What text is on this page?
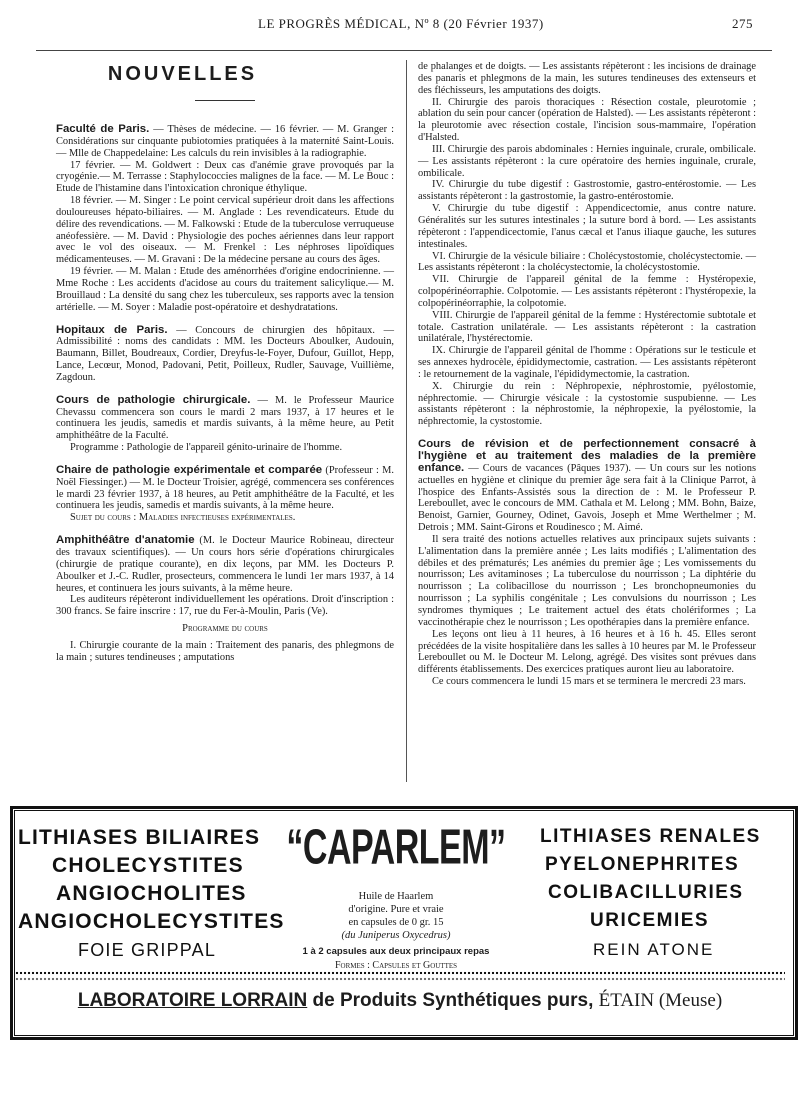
LE PROGRÈS MÉDICAL, Nº 8 (20 Février 1937)	275
NOUVELLES

Faculté de Paris. — Thèses de médecine. — 16 février. — M. Granger : Considérations sur cinquante pubiotomies pratiquées à la maternité Saint-Louis. — Mlle de Chappedelaine: Les calculs du rein invisibles à la radiographie.

17 février. — M. Goldwert : Deux cas d'anémie grave provoqués par la cryogénie.— M. Terrasse : Staphylococcies malignes de la face. — M. Le Bouc : Etude de l'histamine dans l'intoxication chronique éthylique.

18 février. — M. Singer : Le point cervical supérieur droit dans les affections douloureuses hépato-biliaires. — M. Anglade : Les revendicateurs. Etude du délire des revendications. — M. Falkowski : Etude de la tuberculose verruqueuse anéofessière. — M. David : Physiologie des poches aériennes dans leur rapport avec le vol des oiseaux. — M. Frenkel : Les néphroses lipoïdiques médicamenteuses. — M. Gravani : De la médecine persane au cours des âges.

19 février. — M. Malan : Etude des aménorrhées d'origine endocrinienne. — Mme Roche : Les accidents d'acidose au cours du traitement salicylique.— M. Brouillaud : La densité du sang chez les tuberculeux, ses rapports avec la tension artérielle. — M. Soyer : Maladie post-opératoire et deshydratations.

Hopitaux de Paris. — Concours de chirurgien des hôpitaux. — Admissibilité : noms des candidats : MM. les Docteurs Aboulker, Audouin, Baumann, Billet, Boudreaux, Cordier, Dreyfus-le-Foyer, Dufour, Guillot, Hepp, Lance, Lecœur, Monod, Padovani, Petit, Poilleux, Rudler, Sauvage, Vuillième, Zagdoun.

Cours de pathologie chirurgicale. — M. le Professeur Maurice Chevassu commencera son cours le mardi 2 mars 1937, à 17 heures et le continuera les jeudis, samedis et mardis suivants, à la même heure, au Petit amphithéâtre de la Faculté.

Programme : Pathologie de l'appareil génito-urinaire de l'homme.

Chaire de pathologie expérimentale et comparée (Professeur : M. Noël Fiessinger.) — M. le Docteur Troisier, agrégé, commencera ses conférences le mardi 23 février 1937, à 18 heures, au Petit amphithéâtre de la Faculté, et les continuera les jeudis, samedis et mardis suivants, à la même heure.

Sujet du cours : Maladies infectieuses expérimentales.

Amphithéâtre d'anatomie (M. le Docteur Maurice Robineau, directeur des travaux scientifiques). — Un cours hors série d'opérations chirurgicales (chirurgie de pratique courante), en dix leçons, par MM. les Docteurs P. Aboulker et J.-C. Rudler, prosecteurs, commencera le lundi 1er mars 1937, à 14 heures, et continuera les jours suivants, à la même heure.

Les auditeurs répèteront individuellement les opérations. Droit d'inscription : 300 francs. Se faire inscrire : 17, rue du Fer-à-Moulin, Paris (Ve).

Programme du cours

I. Chirurgie courante de la main : Traitement des panaris, des phlegmons de la main ; sutures tendineuses ; amputations

de phalanges et de doigts. — Les assistants répèteront : les incisions de drainage des panaris et phlegmons de la main, les sutures tendineuses des extenseurs et des fléchisseurs, les amputations des doigts.

II. Chirurgie des parois thoraciques : Résection costale, pleurotomie ; ablation du sein pour cancer (opération de Halsted). — Les assistants répèteront : la pleurotomie avec résection costale, l'incision sous-mammaire, l'opération d'Halsted.

III. Chirurgie des parois abdominales : Hernies inguinale, crurale, ombilicale. — Les assistants répèteront : la cure opératoire des hernies inguinale, crurale, ombilicale.

IV. Chirurgie du tube digestif : Gastrostomie, gastro-entérostomie. — Les assistants répèteront : la gastrostomie, la gastro-entérostomie.

V. Chirurgie du tube digestif : Appendicectomie, anus contre nature. Généralités sur les sutures intestinales ; la suture bord à bord. — Les assistants répèteront : l'appendicectomie, l'anus cæcal et l'anus iliaque gauche, les sutures intestinales.

VI. Chirurgie de la vésicule biliaire : Cholécystostomie, cholécystectomie. — Les assistants répèteront : la cholécystectomie, la cholécystostomie.

VII. Chirurgie de l'appareil génital de la femme : Hystéropexie, colpopérinéorraphie. Colpotomie. — Les assistants répèteront : l'hystéropexie, la colpopérinéorraphie, la colpotomie.

VIII. Chirurgie de l'appareil génital de la femme : Hystérectomie subtotale et totale. Castration unilatérale. — Les assistants répèteront : la castration unilatérale, l'hystérectomie.

IX. Chirurgie de l'appareil génital de l'homme : Opérations sur le testicule et ses annexes hydrocèle, épididymectomie, castration. — Les assistants répèteront : le retournement de la vaginale, l'épididymectomie, la castration.

X. Chirurgie du rein : Néphropexie, néphrostomie, pyélostomie, néphrectomie. — Chirurgie vésicale : la cystostomie suspubienne. — Les assistants répèteront : la néphrostomie, la néphropexie, la pyélostomie, la néphrectomie, la cystostomie.

Cours de révision et de perfectionnement consacré à l'hygiène et au traitement des maladies de la première enfance. — Cours de vacances (Pâques 1937). — Un cours sur les notions actuelles en hygiène et clinique du premier âge sera fait à la Clinique Parrot, à l'hospice des Enfants-Assistés sous la direction de : M. le Professeur P. Lereboullet, avec le concours de MM. Cathala et M. Lelong ; MM. Bohn, Baize, Benoist, Garnier, Gourney, Odinet, Gavois, Joseph et Mme Werthelmer ; M. Detrois ; MM. Saint-Girons et Roudinesco ; M. Aimé.

Il sera traité des notions actuelles relatives aux principaux sujets suivants : L'alimentation dans la première année ; Les laits modifiés ; L'alimentation des débiles et des prématurés; Les anémies du premier âge ; Les vomissements du nourrisson; Les avitaminoses ; La tuberculose du nourrisson ; La diphtérie du nourrisson ; La colibacillose du nourrisson ; Les bronchopneumonies du nourrisson ; La syphilis congénitale ; Les convulsions du nourrisson ; Les syndromes thymiques ; Le traitement actuel des états cholériformes ; La vaccinothérapie chez le nourrisson ; Les opothérapies dans la première enfance.

Les leçons ont lieu à 11 heures, à 16 heures et à 16 h. 45. Elles seront précédées de la visite hospitalière dans les salles à 10 heures par M. le Professeur Lereboullet ou M. le Docteur M. Lelong, agrégé. Des visites sont prévues dans différents établissements. Des exercices pratiques auront lieu au laboratoire.

Ce cours commencera le lundi 15 mars et se terminera le mercredi 23 mars.

LITHIASES BILIAIRES
CHOLECYSTITES
ANGIOCHOLITES
ANGIOCHOLECYSTITES
FOIE GRIPPAL
LITHIASES RENALES
PYELONEPHRITES
COLIBACILLURIES
URICEMIES
REIN ATONE
“CAPARLEM”
Huile de Haarlem
d'origine. Pure et vraie
en capsules de 0 gr. 15
(du Juniperus Oxycedrus)
1 à 2 capsules aux deux principaux repas
Formes : Capsules et Gouttes
LABORATOIRE LORRAIN de Produits Synthétiques purs, ÉTAIN (Meuse)
